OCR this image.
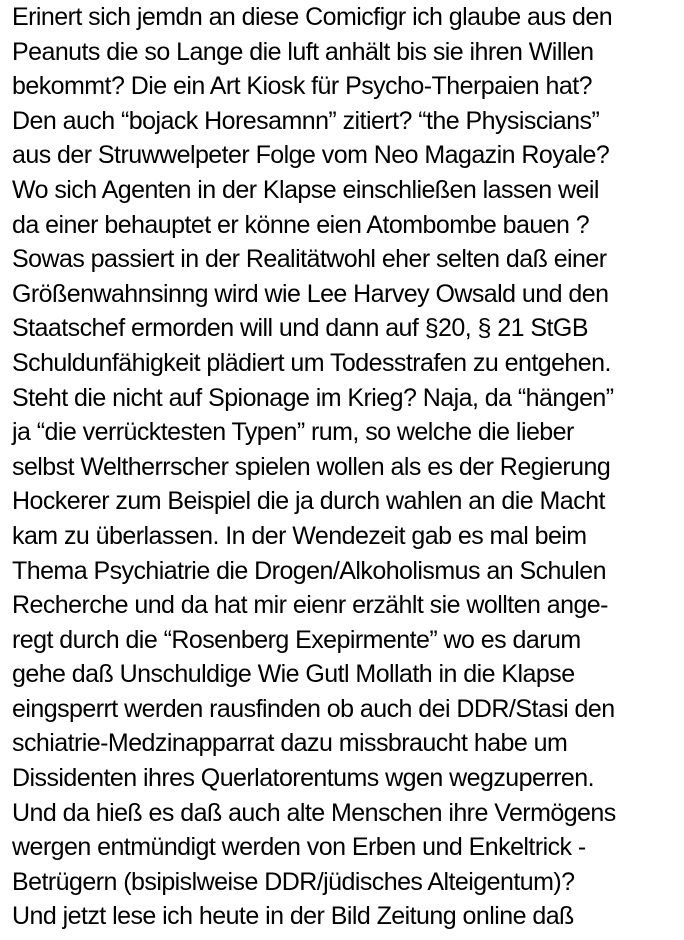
Erinert sich jemdn an diese Comicfigr ich glaube aus den
Peanuts die so Lange die luft anhält bis sie ihren Willen
bekommt? Die ein Art Kiosk für Psycho-Therpaien hat?
Den auch “bojack Horesamnn” zitiert? “the Physiscians”
aus der Struwwelpeter Folge vom Neo Magazin Royale?
Wo sich Agenten in der Klapse einschließen lassen weil
da einer behauptet er könne eien Atombombe bauen ?
Sowas passiert in der Realitätwohl eher selten daß einer
Größenwahnsinng wird wie Lee Harvey Owsald und den
Staatschef ermorden will und dann auf §20, § 21 StGB
Schuldunfähigkeit plädiert um Todesstrafen zu entgehen.
Steht die nicht auf Spionage im Krieg? Naja, da “hängen”
ja “die verrücktesten Typen” rum, so welche die lieber
selbst Weltherrscher spielen wollen als es der Regierung
Hockerer zum Beispiel die ja durch wahlen an die Macht
kam zu überlassen. In der Wendezeit gab es mal beim
Thema Psychiatrie die Drogen/Alkoholismus an Schulen
Recherche und da hat mir eienr erzählt sie wollten ange-
regt durch die “Rosenberg Exepirmente” wo es darum
gehe daß Unschuldige Wie Gutl Mollath in die Klapse
eingsperrt werden rausfinden ob auch dei DDR/Stasi den
schiatrie-Medzinapparrat dazu missbraucht habe um
Dissidenten ihres Querlatorentums wgen wegzuperren.
Und da hieß es daß auch alte Menschen ihre Vermögens
wergen entmündigt werden von Erben und Enkeltrick -
Betrügern (bsipislweise DDR/jüdisches Alteigentum)?
Und jetzt lese ich heute in der Bild Zeitung online daß
